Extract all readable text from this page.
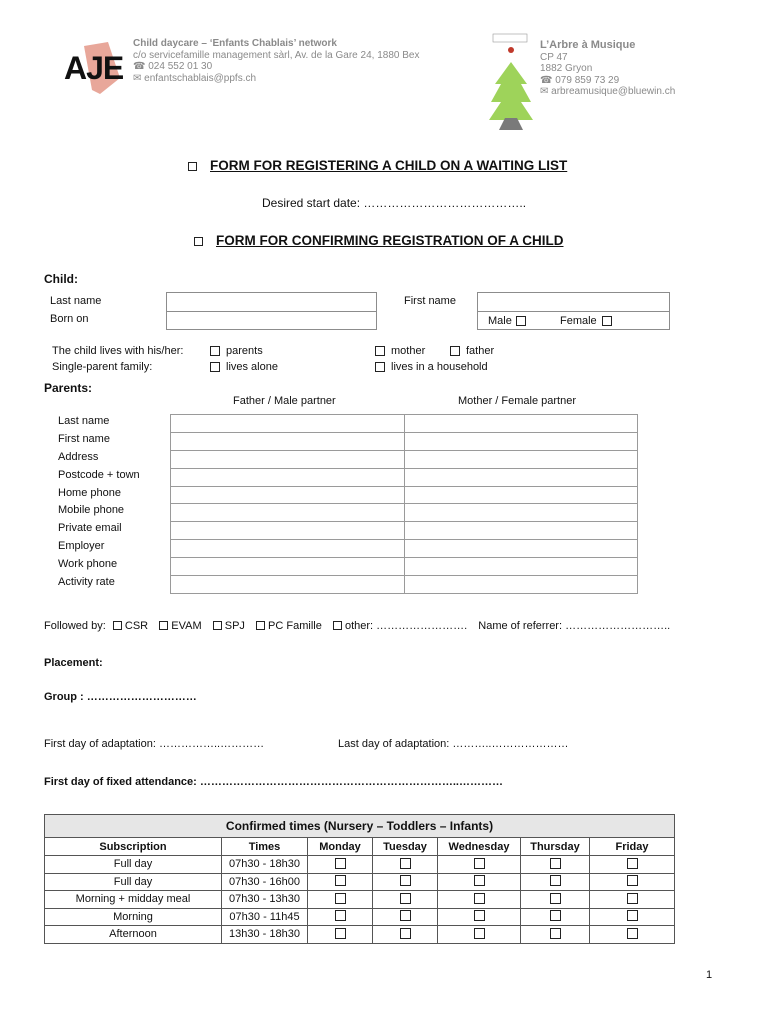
AJE
Child daycare – ‘Enfants Chablais’ network
c/o servicefamille management sàrl, Av. de la Gare 24, 1880 Bex
☎ 024 552 01 30
✉ enfantschablais@ppfs.ch
L’Arbre à Musique
CP 47
1882 Gryon
☎ 079 859 73 29
✉ arbreamusique@bluewin.ch
FORM FOR REGISTERING A CHILD ON A WAITING LIST
Desired start date: …………………………………..
FORM FOR CONFIRMING REGISTRATION OF A CHILD
Child:
Last name	First name
Born on	Male	Female
The child lives with his/her:	parents	mother	father
Single-parent family:	lives alone	lives in a household
Parents:
Father / Male partner	Mother / Female partner
Last name
First name
Address
Postcode + town
Home phone
Mobile phone
Private email
Employer
Work phone
Activity rate

Followed by: CSR EVAM SPJ PC Famille other: ……………………. Name of referrer: ………………………..
Placement:
Group : …………………………
First day of adaptation: ……………..…………	Last day of adaptation: ………..…………………
First day of fixed attendance: ……………………………………………………………..…………
Confirmed times (Nursery – Toddlers – Infants)						
Subscription	Times	Monday	Tuesday	Wednesday	Thursday	Friday
Full day	07h30 - 18h30					
Full day	07h30 - 16h00					
Morning + midday meal	07h30 - 13h30					
Morning	07h30 - 11h45					
Afternoon	13h30 - 18h30					
1
